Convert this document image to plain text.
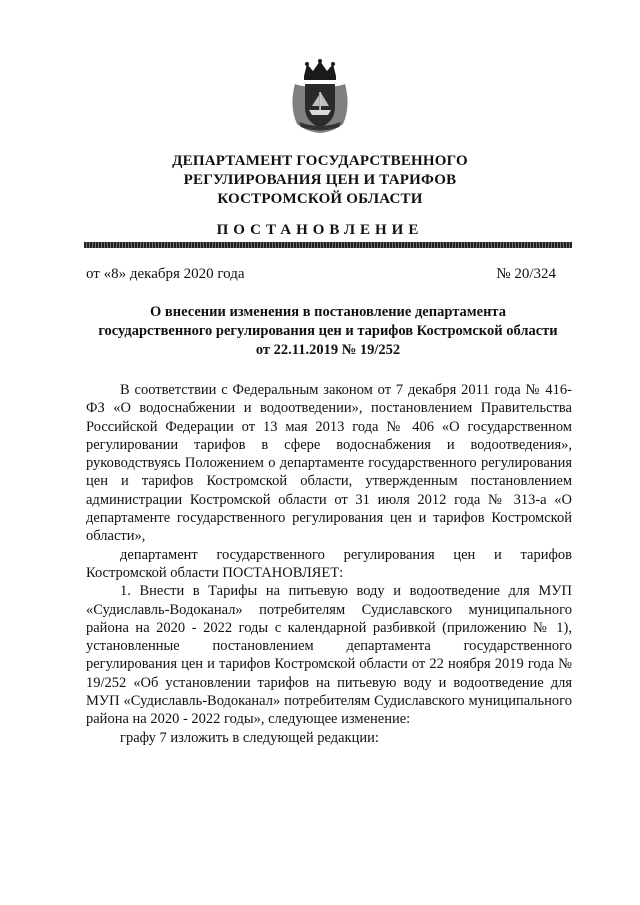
ДЕПАРТАМЕНТ ГОСУДАРСТВЕННОГО
РЕГУЛИРОВАНИЯ ЦЕН И ТАРИФОВ
КОСТРОМСКОЙ ОБЛАСТИ
ПОСТАНОВЛЕНИЕ
от «8» декабря 2020 года	№ 20/324
О внесении изменения в постановление департамента
государственного регулирования цен и тарифов Костромской области
от 22.11.2019 № 19/252

В соответствии с Федеральным законом от 7 декабря 2011 года № 416-ФЗ «О водоснабжении и водоотведении», постановлением Правительства Российской Федерации от 13 мая 2013 года № 406 «О государственном регулировании тарифов в сфере водоснабжения и водоотведения», руководствуясь Положением о департаменте государственного регулирования цен и тарифов Костромской области, утвержденным постановлением администрации Костромской области от 31 июля 2012 года № 313-а «О департаменте государственного регулирования цен и тарифов Костромской области»,

департамент государственного регулирования цен и тарифов Костромской области ПОСТАНОВЛЯЕТ:

1. Внести в Тарифы на питьевую воду и водоотведение для МУП «Судиславль-Водоканал» потребителям Судиславского муниципального района на 2020 - 2022 годы с календарной разбивкой (приложению № 1), установленные постановлением департамента государственного регулирования цен и тарифов Костромской области от 22 ноября 2019 года № 19/252 «Об установлении тарифов на питьевую воду и водоотведение для МУП «Судиславль-Водоканал» потребителям Судиславского муниципального района на 2020 - 2022 годы», следующее изменение:

графу 7 изложить в следующей редакции:
